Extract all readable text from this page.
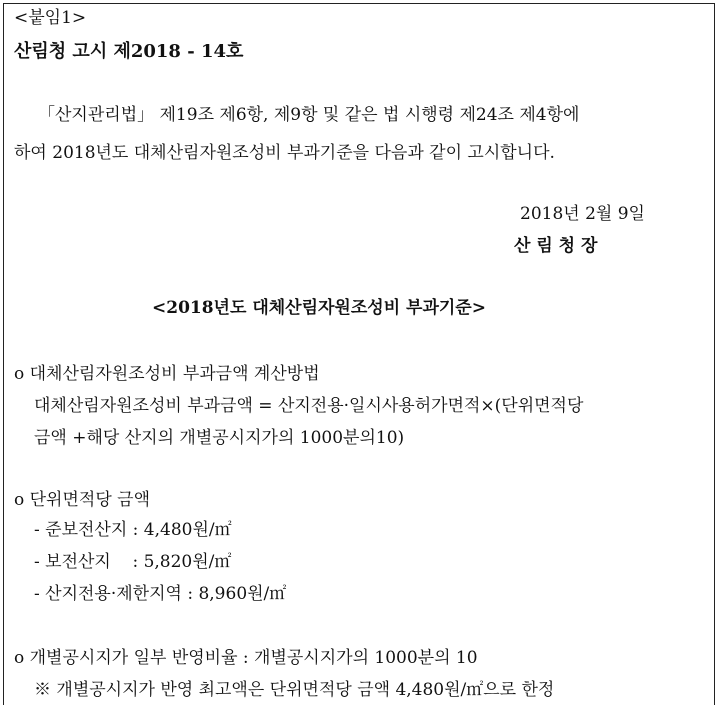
<붙임1>
산림청 고시 제2018 - 14호
「산지관리법」 제19조 제6항, 제9항 및 같은 법 시행령 제24조 제4항에
하여 2018년도 대체산림자원조성비 부과기준을 다음과 같이 고시합니다.
2018년 2월 9일
산 림 청 장
<2018년도 대체산림자원조성비 부과기준>
o 대체산림자원조성비 부과금액 계산방법
대체산림자원조성비 부과금액 = 산지전용·일시사용허가면적×(단위면적당
금액 +해당 산지의 개별공시지가의 1000분의10)
o 단위면적당 금액
- 준보전산지 : 4,480원/㎡
- 보전산지    : 5,820원/㎡
- 산지전용·제한지역 : 8,960원/㎡
o 개별공시지가 일부 반영비율 : 개별공시지가의 1000분의 10
※ 개별공시지가 반영 최고액은 단위면적당 금액 4,480원/㎡으로 한정
